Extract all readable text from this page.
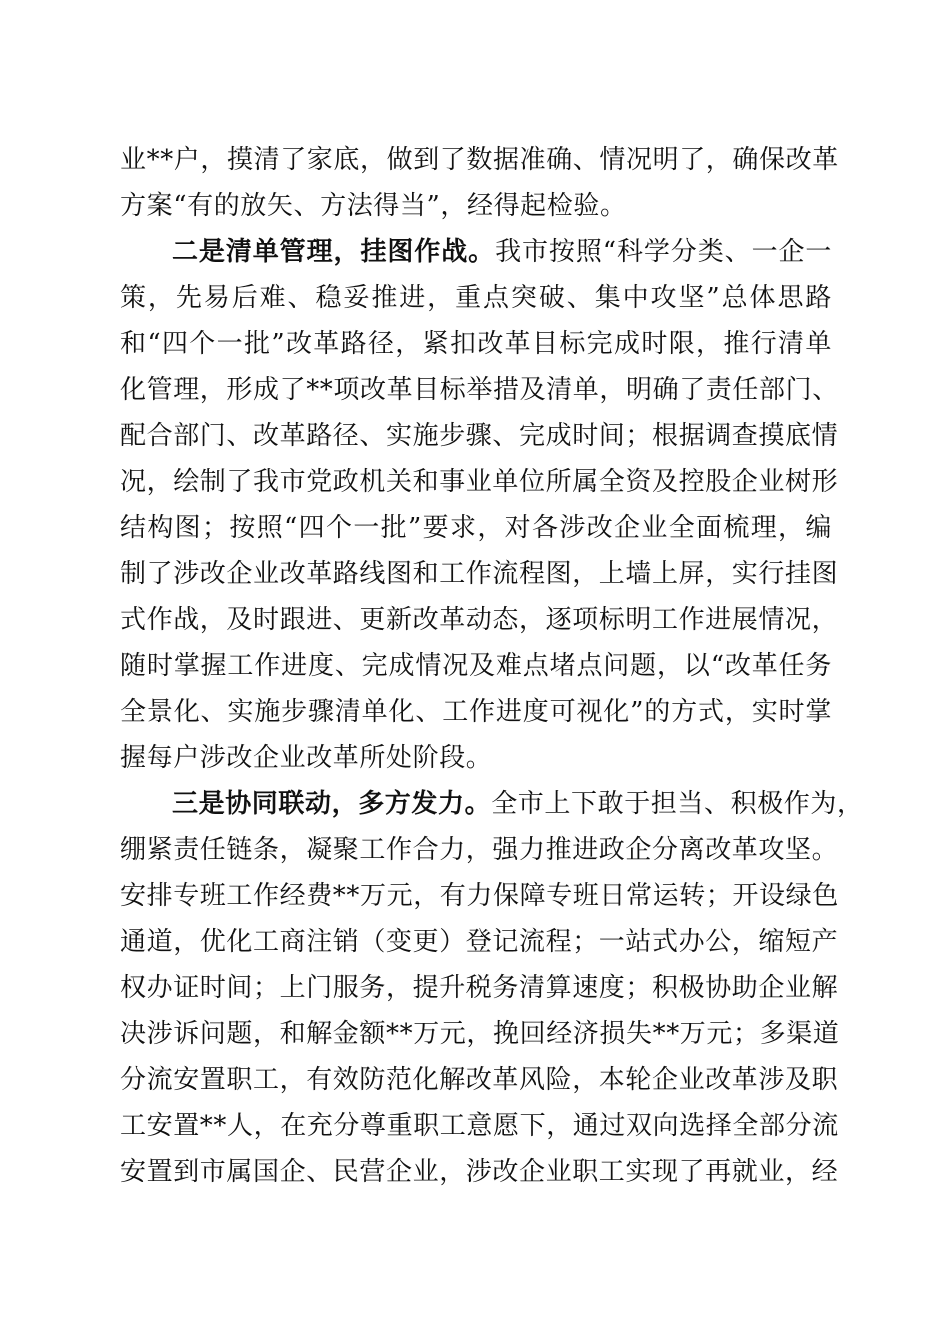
业**户，摸清了家底，做到了数据准确、情况明了，确保改革
方案“有的放矢、方法得当”，经得起检验。
二是清单管理，挂图作战。我市按照“科学分类、一企一
策，先易后难、稳妥推进，重点突破、集中攻坚”总体思路
和“四个一批”改革路径，紧扣改革目标完成时限，推行清单
化管理，形成了**项改革目标举措及清单，明确了责任部门、
配合部门、改革路径、实施步骤、完成时间；根据调查摸底情
况，绘制了我市党政机关和事业单位所属全资及控股企业树形
结构图；按照“四个一批”要求，对各涉改企业全面梳理，编
制了涉改企业改革路线图和工作流程图，上墙上屏，实行挂图
式作战，及时跟进、更新改革动态，逐项标明工作进展情况，
随时掌握工作进度、完成情况及难点堵点问题，以“改革任务
全景化、实施步骤清单化、工作进度可视化”的方式，实时掌
握每户涉改企业改革所处阶段。
三是协同联动，多方发力。全市上下敢于担当、积极作为，
绷紧责任链条，凝聚工作合力，强力推进政企分离改革攻坚。
安排专班工作经费**万元，有力保障专班日常运转；开设绿色
通道，优化工商注销（变更）登记流程；一站式办公，缩短产
权办证时间；上门服务，提升税务清算速度；积极协助企业解
决涉诉问题，和解金额**万元，挽回经济损失**万元；多渠道
分流安置职工，有效防范化解改革风险，本轮企业改革涉及职
工安置**人，在充分尊重职工意愿下，通过双向选择全部分流
安置到市属国企、民营企业，涉改企业职工实现了再就业，经
